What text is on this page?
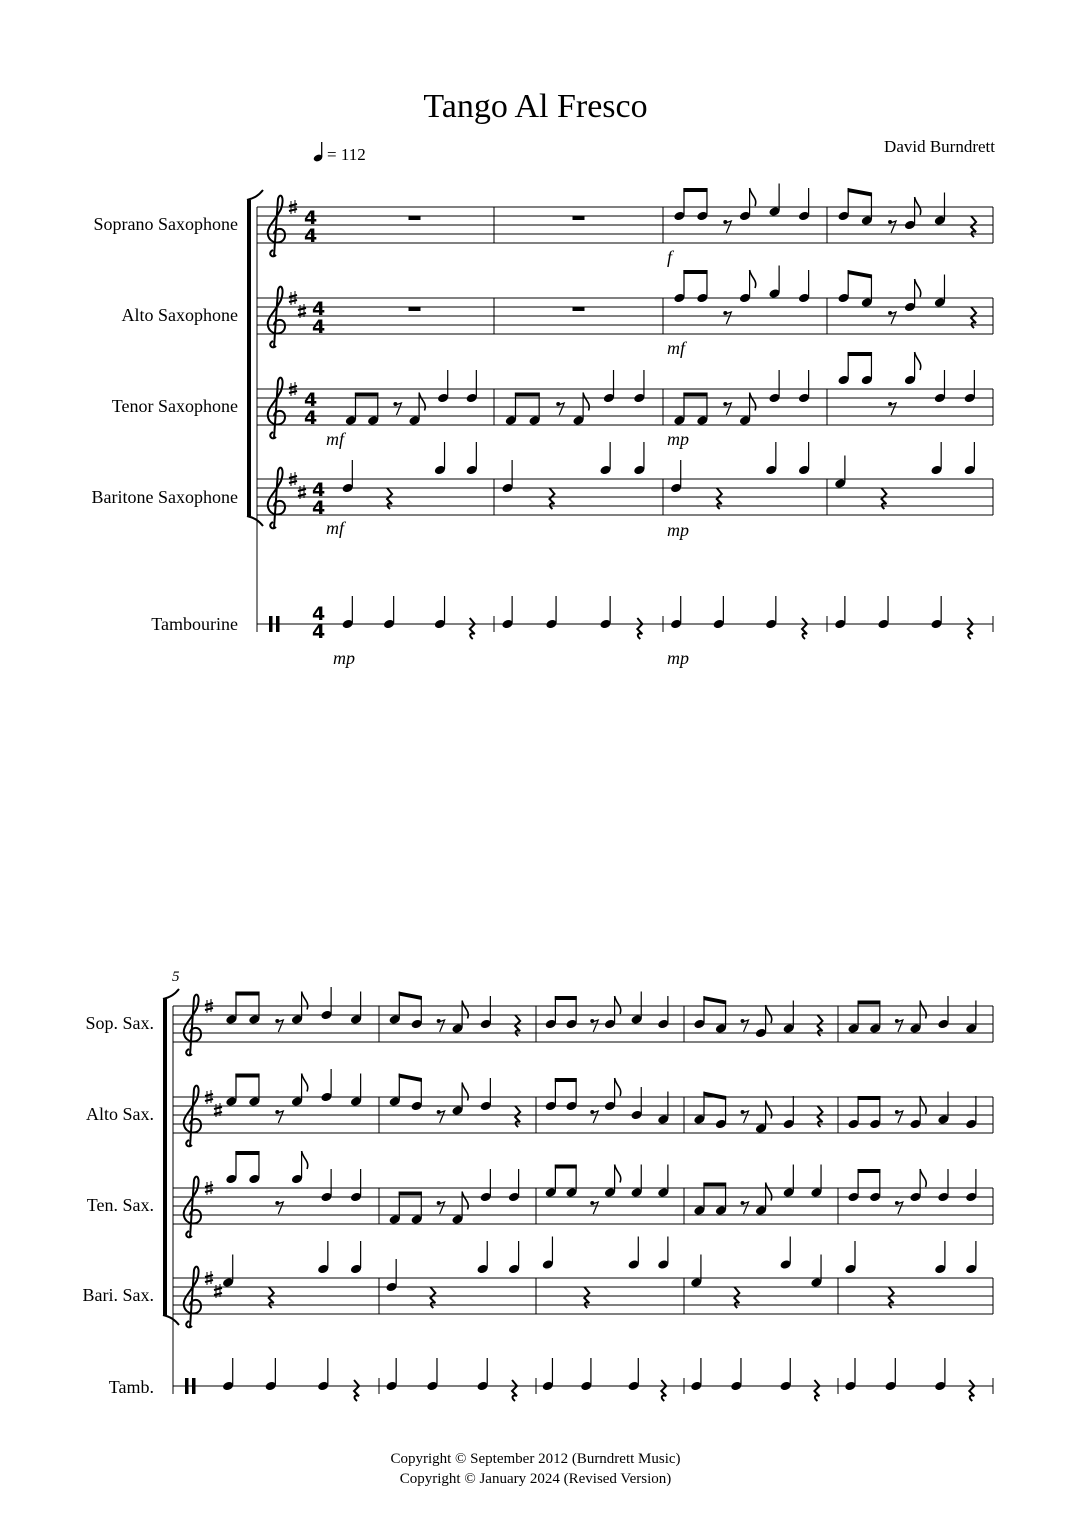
Tango Al Fresco
David Burndrett
= 112
Soprano Saxophone
Alto Saxophone
Tenor Saxophone
Baritone Saxophone
Tambourine
Sop. Sax.
Alto Sax.
Ten. Sax.
Bari. Sax.
Tamb.
f
mf
mf	mp
mf	mp
mp	mp
5
4
4
4
4
4
4
4
4
4
4
Copyright © September 2012 (Burndrett Music)
Copyright © January 2024 (Revised Version)
